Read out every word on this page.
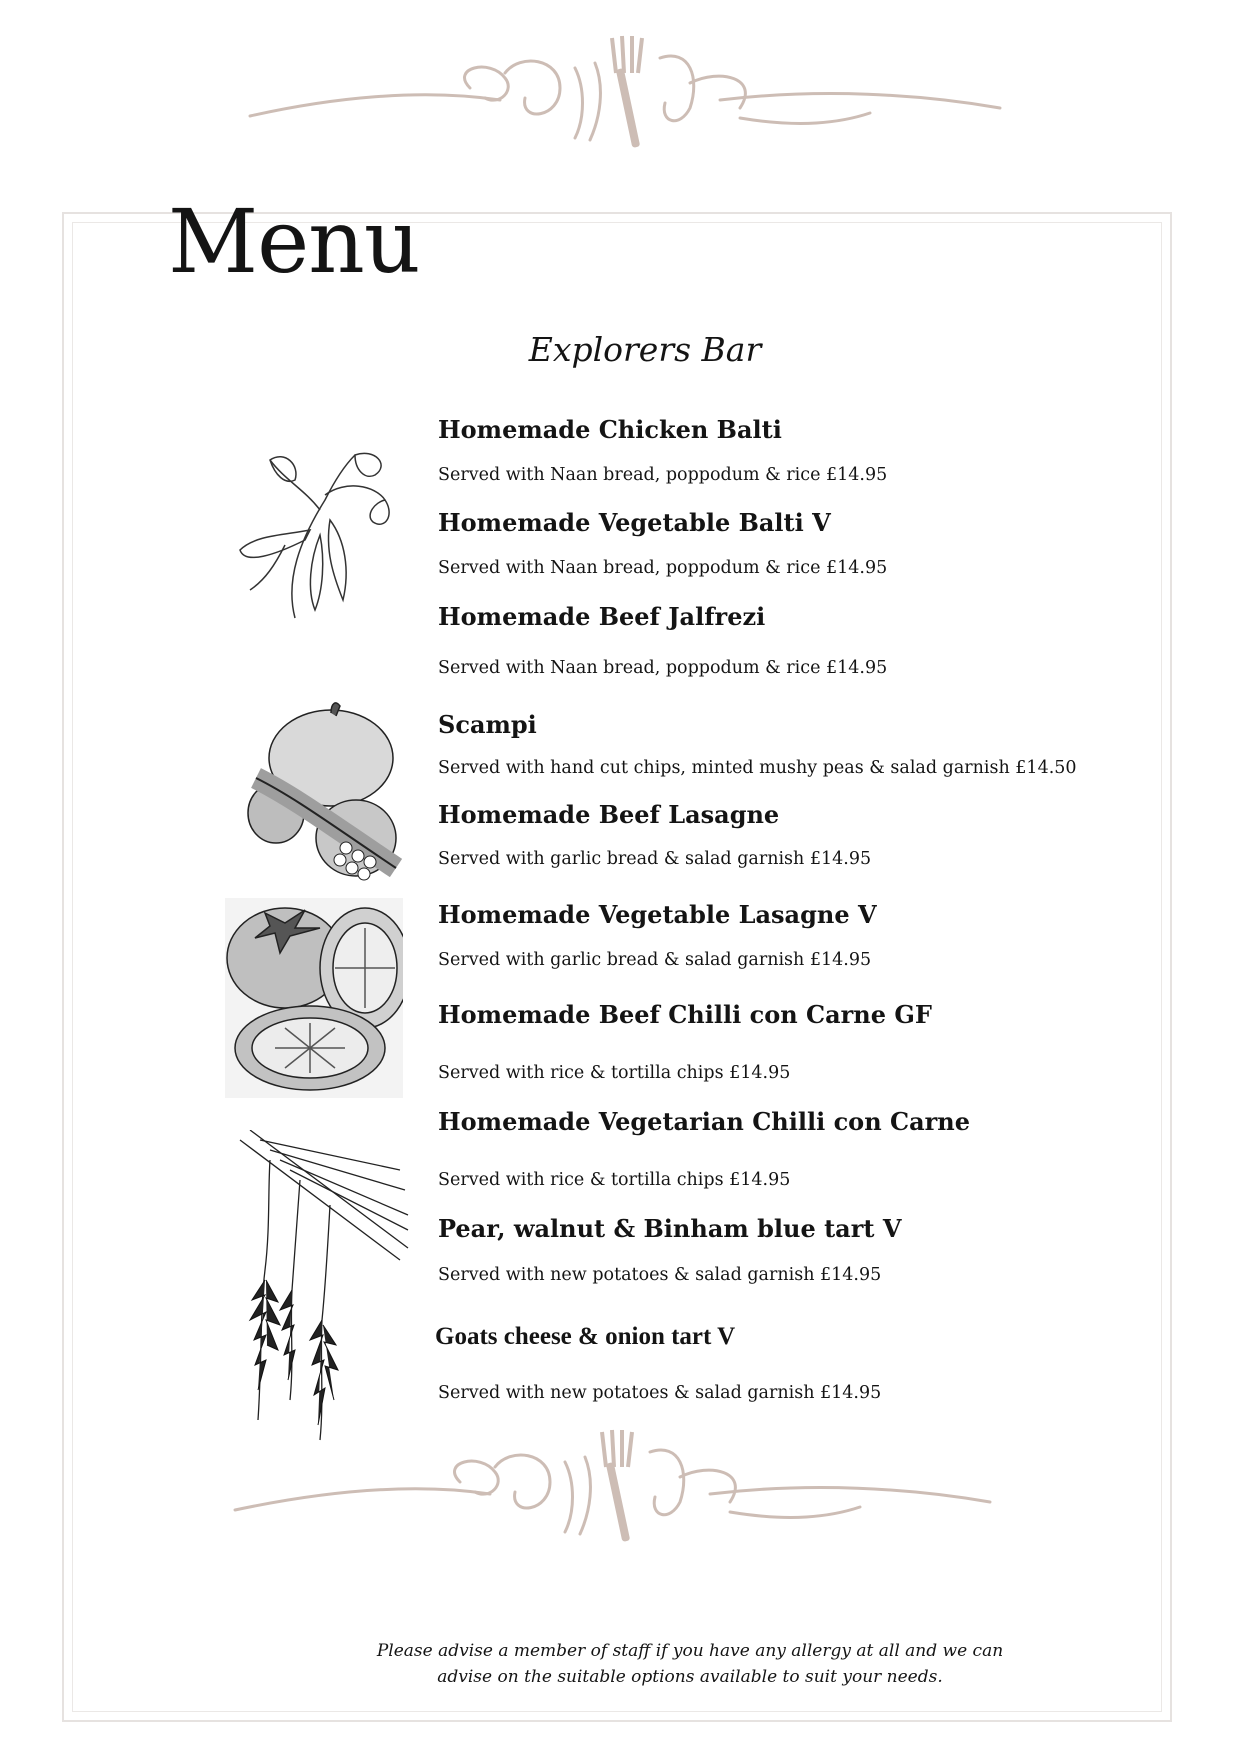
Menu
Explorers Bar
Homemade Chicken Balti
Served with Naan bread, poppodum & rice £14.95
Homemade Vegetable Balti V
Served with Naan bread, poppodum & rice £14.95
Homemade Beef Jalfrezi
Served with Naan bread, poppodum & rice £14.95
Scampi
Served with hand cut chips, minted mushy peas & salad garnish £14.50
Homemade Beef Lasagne
Served with garlic bread & salad garnish £14.95
Homemade Vegetable Lasagne V
Served with garlic bread & salad garnish £14.95
Homemade Beef Chilli con Carne GF
Served with rice & tortilla chips £14.95
Homemade Vegetarian Chilli con Carne
Served with rice & tortilla chips £14.95
Pear, walnut & Binham blue tart V
Served with new potatoes & salad garnish £14.95
Goats cheese & onion tart V
Served with new potatoes & salad garnish £14.95
Please advise a member of staff if you have any allergy at all and we can
advise on the suitable options available to suit your needs.
